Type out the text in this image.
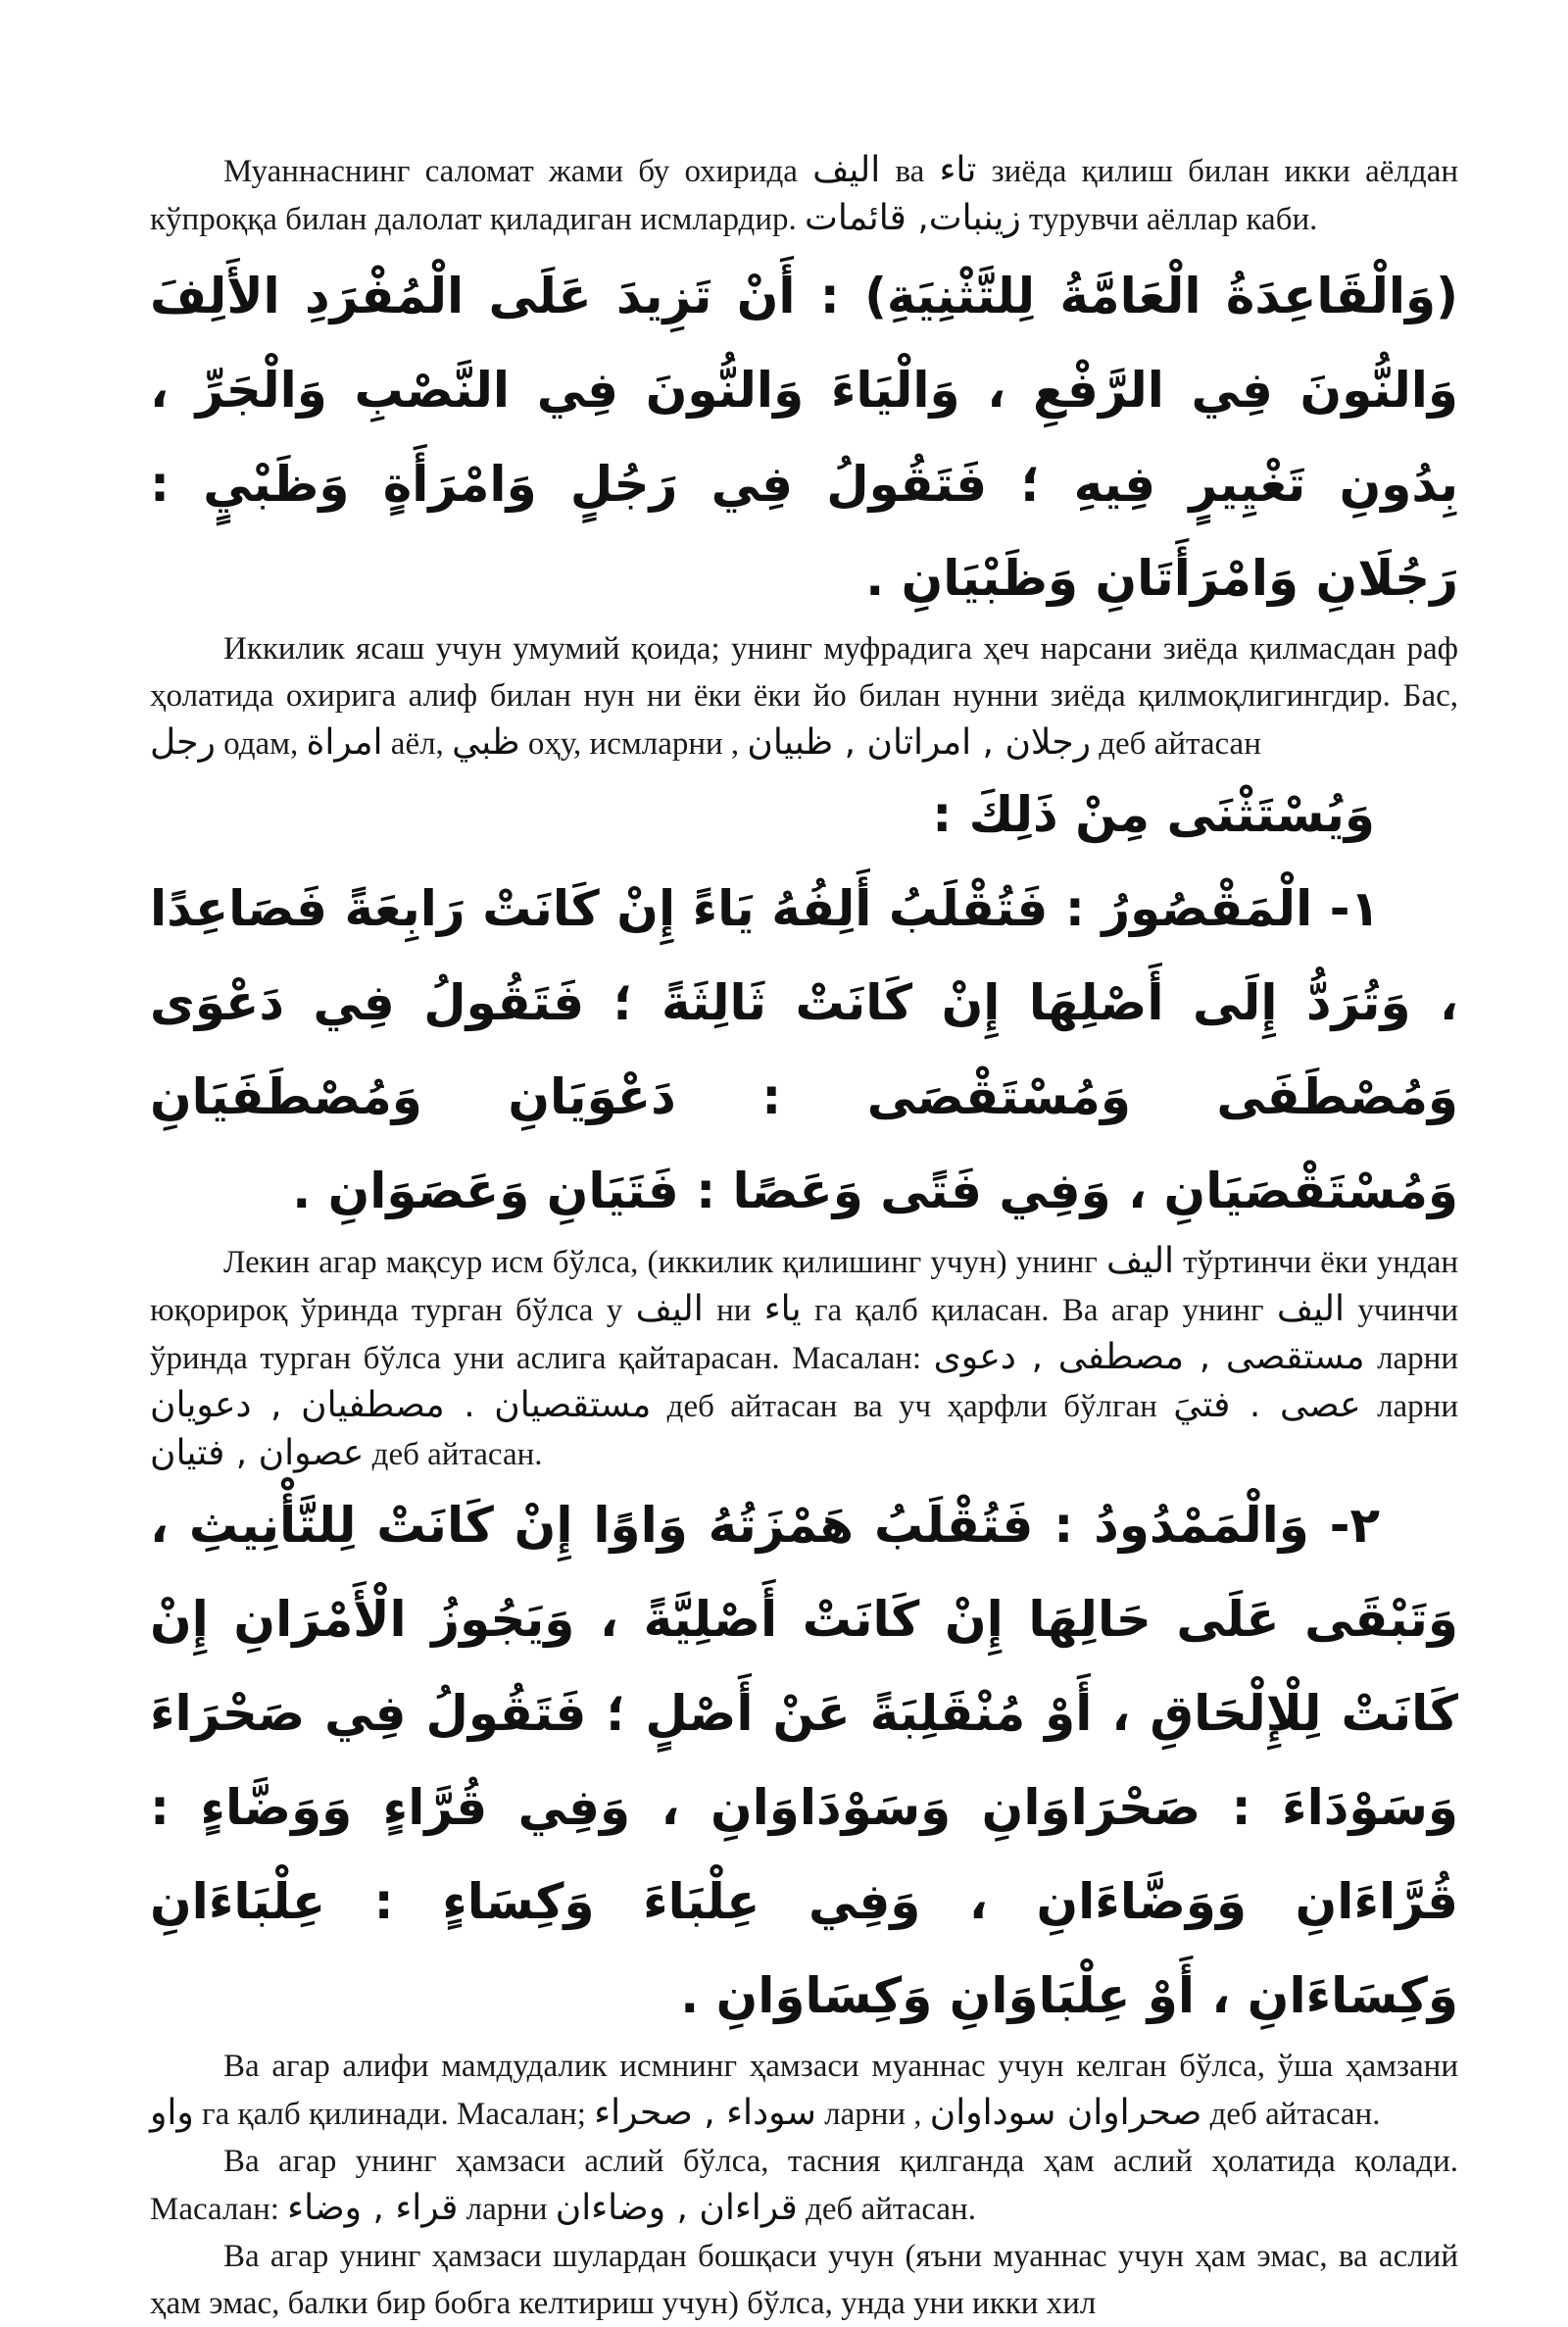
Муаннаснинг саломат жами бу охирида الیف ва تاء зиёда қилиш билан икки аёлдан кўпроққа билан далолат қиладиган исмлардир. زینبات, قائمات турувчи аёллар каби.

(وَالْقَاعِدَةُ الْعَامَّةُ لِلتَّثْنِيَةِ) : أَنْ تَزِيدَ عَلَى الْمُفْرَدِ الأَلِفَ وَالنُّونَ فِي الرَّفْعِ ، وَالْيَاءَ وَالنُّونَ فِي النَّصْبِ وَالْجَرِّ ، بِدُونِ تَغْيِيرٍ فِيهِ ؛ فَتَقُولُ فِي رَجُلٍ وَامْرَأَةٍ وَظَبْيٍ : رَجُلَانِ وَامْرَأَتَانِ وَظَبْيَانِ .

Иккилик ясаш учун умумий қоида; унинг муфрадига ҳеч нарсани зиёда қилмасдан раф ҳолатида охирига алиф билан нун ни ёки ёки йо билан нунни зиёда қилмоқлигингдир. Бас, رجل одам, امراة аёл, ظبي оҳу, исмларни , رجلان , امراتان , ظبيان деб айтасан

وَيُسْتَثْنَى مِنْ ذَلِكَ :

١- الْمَقْصُورُ : فَتُقْلَبُ أَلِفُهُ يَاءً إِنْ كَانَتْ رَابِعَةً فَصَاعِدًا ، وَتُرَدُّ إِلَى أَصْلِهَا إِنْ كَانَتْ ثَالِثَةً ؛ فَتَقُولُ فِي دَعْوَى وَمُصْطَفَى وَمُسْتَقْصَى : دَعْوَيَانِ وَمُصْطَفَيَانِ وَمُسْتَقْصَيَانِ ، وَفِي فَتًى وَعَصًا : فَتَيَانِ وَعَصَوَانِ .

Лекин агар мақсур исм бўлса, (иккилик қилишинг учун) унинг الیف тўртинчи ёки ундан юқорироқ ўринда турган бўлса у الیف ни یاء га қалб қиласан. Ва агар унинг الیف учинчи ўринда турган бўлса уни аслига қайтарасан. Масалан: مستقصى , مصطفى , دعوى ларни مستقصيان . مصطفيان , دعويان деб айтасан ва уч ҳарфли бўлган عصى . فتيَ ларни عصوان , فتيان деб айтасан.

٢- وَالْمَمْدُودُ : فَتُقْلَبُ هَمْزَتُهُ وَاوًا إِنْ كَانَتْ لِلتَّأْنِيثِ ، وَتَبْقَى عَلَى حَالِهَا إِنْ كَانَتْ أَصْلِيَّةً ، وَيَجُوزُ الْأَمْرَانِ إِنْ كَانَتْ لِلْإِلْحَاقِ ، أَوْ مُنْقَلِبَةً عَنْ أَصْلٍ ؛ فَتَقُولُ فِي صَحْرَاءَ وَسَوْدَاءَ : صَحْرَاوَانِ وَسَوْدَاوَانِ ، وَفِي قُرَّاءٍ وَوَضَّاءٍ : قُرَّاءَانِ وَوَضَّاءَانِ ، وَفِي عِلْبَاءَ وَكِسَاءٍ : عِلْبَاءَانِ وَكِسَاءَانِ ، أَوْ عِلْبَاوَانِ وَكِسَاوَانِ .

Ва агар алифи мамдудалик исмнинг ҳамзаси муаннас учун келган бўлса, ўша ҳамзани واو га қалб қилинади. Масалан; سوداء , صحراء ларни , صحراوان سوداوان деб айтасан.

Ва агар унинг ҳамзаси аслий бўлса, тасния қилганда ҳам аслий ҳолатида қолади. Масалан: قراء , وضاء ларни قراءان , وضاءان деб айтасан.

Ва агар унинг ҳамзаси шулардан бошқаси учун (яъни муаннас учун ҳам эмас, ва аслий ҳам эмас, балки бир бобга келтириш учун) бўлса, унда уни икки хил
